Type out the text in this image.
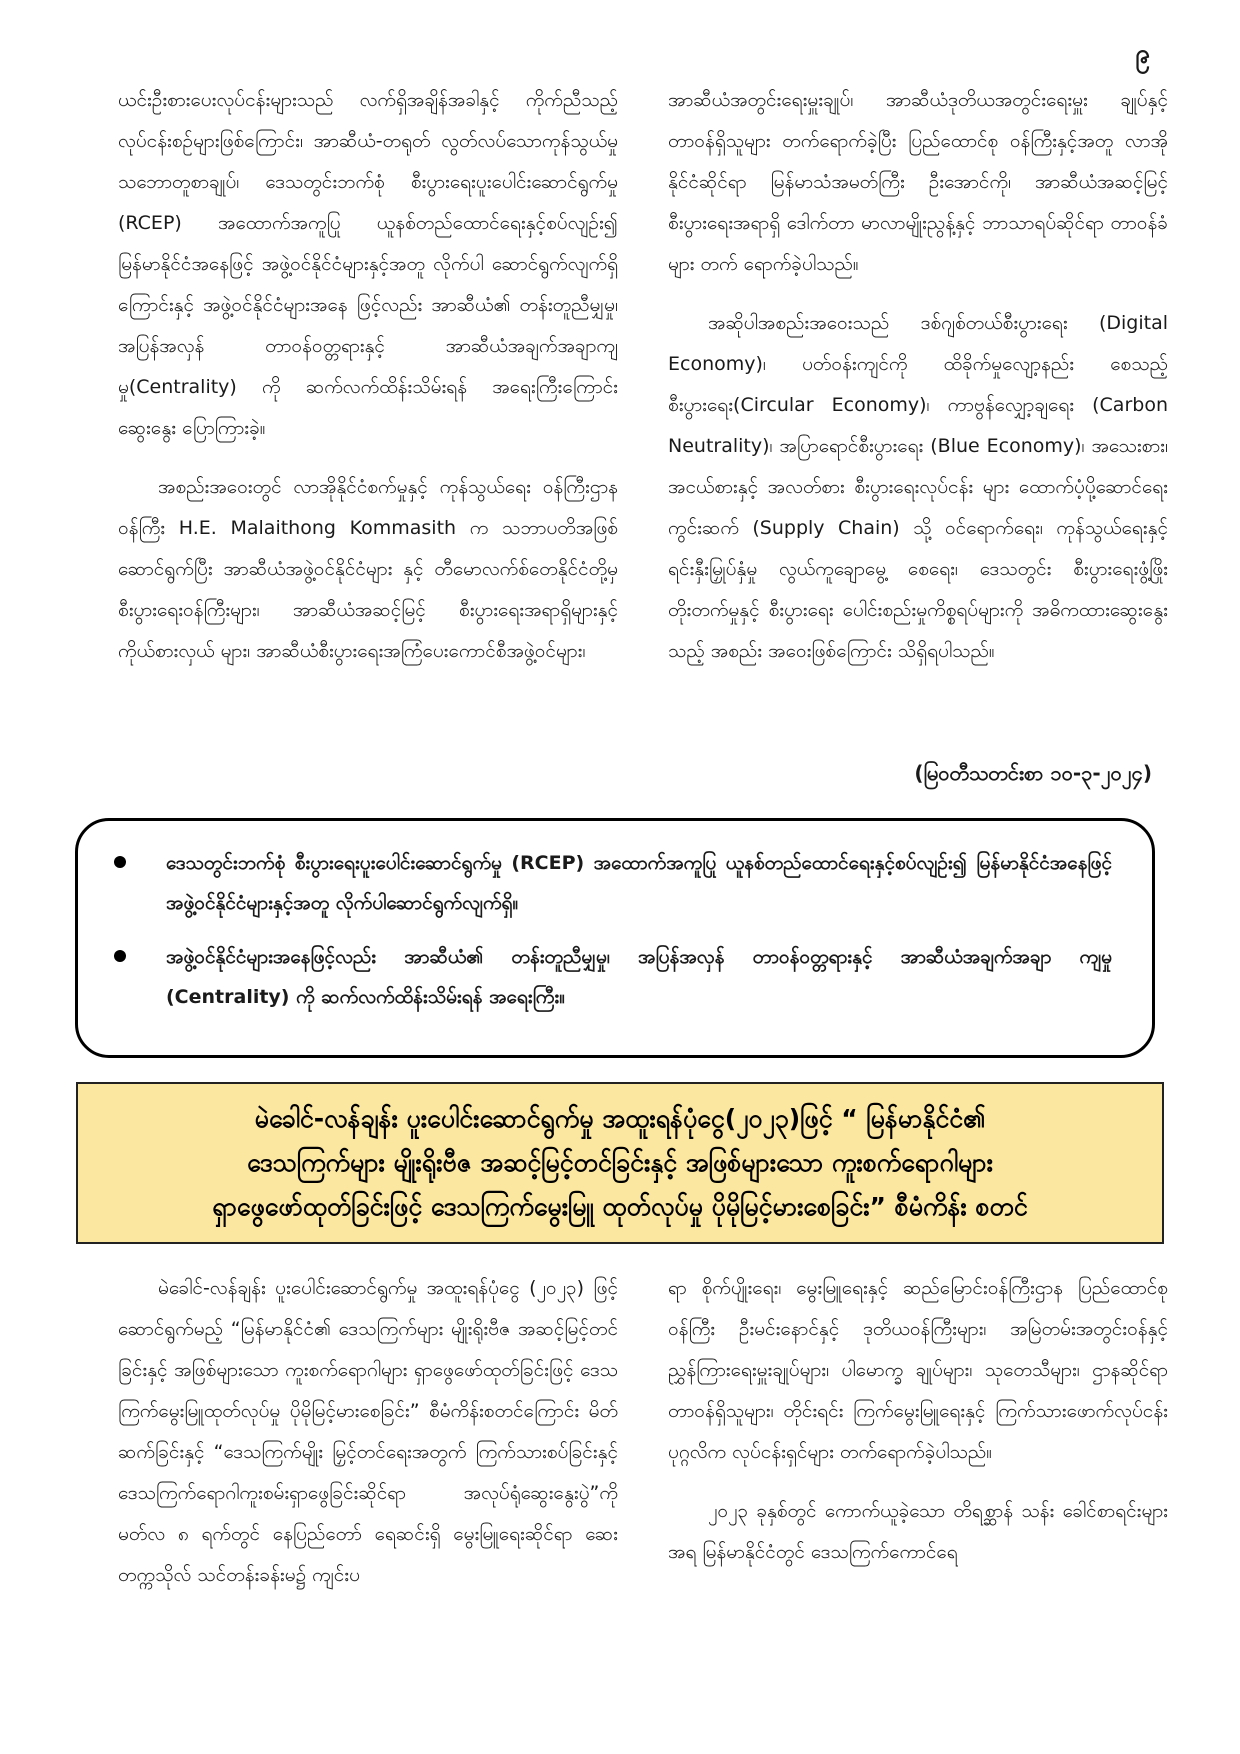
၉

ယင်းဦးစားပေးလုပ်ငန်းများသည် လက်ရှိအချိန်အခါနှင့် ကိုက်ညီသည့် လုပ်ငန်းစဉ်များဖြစ်ကြောင်း၊ အာဆီယံ-တရုတ် လွတ်လပ်သောကုန်သွယ်မှု သဘောတူစာချုပ်၊ ဒေသတွင်းဘက်စုံ စီးပွားရေးပူးပေါင်းဆောင်ရွက်မှု (RCEP) အထောက်အကူပြု ယူနစ်တည်ထောင်ရေးနှင့်စပ်လျဉ်း၍ မြန်မာနိုင်ငံအနေဖြင့် အဖွဲ့ဝင်နိုင်ငံများနှင့်အတူ လိုက်ပါ ဆောင်ရွက်လျက်ရှိကြောင်းနှင့် အဖွဲ့ဝင်နိုင်ငံများအနေ ဖြင့်လည်း အာဆီယံ၏ တန်းတူညီမျှမှု၊ အပြန်အလှန် တာဝန်ဝတ္တရားနှင့် အာဆီယံအချက်အချာကျမှု(Centrality) ကို ဆက်လက်ထိန်းသိမ်းရန် အရေးကြီးကြောင်း ဆွေးနွေး ပြောကြားခဲ့။

အစည်းအဝေးတွင် လာအိုနိုင်ငံစက်မှုနှင့် ကုန်သွယ်ရေး ဝန်ကြီးဌာန ဝန်ကြီး H.E. Malaithong Kommasith က သဘာပတိအဖြစ် ဆောင်ရွက်ပြီး အာဆီယံအဖွဲ့ဝင်နိုင်ငံများ နှင့် တီမောလက်စ်တေနိုင်ငံတို့မှ စီးပွားရေးဝန်ကြီးများ၊ အာဆီယံအဆင့်မြင့် စီးပွားရေးအရာရှိများနှင့် ကိုယ်စားလှယ် များ၊ အာဆီယံစီးပွားရေးအကြံပေးကောင်စီအဖွဲ့ဝင်များ၊

အာဆီယံအတွင်းရေးမှူးချုပ်၊ အာဆီယံဒုတိယအတွင်းရေးမှူး ချုပ်နှင့် တာဝန်ရှိသူများ တက်ရောက်ခဲ့ပြီး ပြည်ထောင်စု ဝန်ကြီးနှင့်အတူ လာအိုနိုင်ငံဆိုင်ရာ မြန်မာသံအမတ်ကြီး ဦးအောင်ကို၊ အာဆီယံအဆင့်မြင့်စီးပွားရေးအရာရှိ ဒေါက်တာ မာလာမျိုးညွန့်နှင့် ဘာသာရပ်ဆိုင်ရာ တာဝန်ခံများ တက် ရောက်ခဲ့ပါသည်။

အဆိုပါအစည်းအဝေးသည် ဒစ်ဂျစ်တယ်စီးပွားရေး (Digital Economy)၊ ပတ်ဝန်းကျင်ကို ထိခိုက်မှုလျော့နည်း စေသည့် စီးပွားရေး(Circular Economy)၊ ကာဗွန်လျှော့ချရေး (Carbon Neutrality)၊ အပြာရောင်စီးပွားရေး (Blue Economy)၊ အသေးစား၊ အငယ်စားနှင့် အလတ်စား စီးပွားရေးလုပ်ငန်း များ ထောက်ပံ့ပို့ဆောင်ရေးကွင်းဆက် (Supply Chain) သို့ ဝင်ရောက်ရေး၊ ကုန်သွယ်ရေးနှင့် ရင်းနှီးမြှုပ်နှံမှု လွယ်ကူချောမွေ့ စေရေး၊ ဒေသတွင်း စီးပွားရေးဖွံ့ဖြိုးတိုးတက်မှုနှင့် စီးပွားရေး ပေါင်းစည်းမှုကိစ္စရပ်များကို အဓိကထားဆွေးနွေးသည့် အစည်း အဝေးဖြစ်ကြောင်း သိရှိရပါသည်။

(မြဝတီသတင်းစာ ၁၀-၃-၂၀၂၄)
ဒေသတွင်းဘက်စုံ စီးပွားရေးပူးပေါင်းဆောင်ရွက်မှု (RCEP) အထောက်အကူပြု ယူနစ်တည်ထောင်ရေးနှင့်စပ်လျဉ်း၍ မြန်မာနိုင်ငံအနေဖြင့် အဖွဲ့ဝင်နိုင်ငံများနှင့်အတူ လိုက်ပါဆောင်ရွက်လျက်ရှိ။
အဖွဲ့ဝင်နိုင်ငံများအနေဖြင့်လည်း အာဆီယံ၏ တန်းတူညီမျှမှု၊ အပြန်အလှန် တာဝန်ဝတ္တရားနှင့် အာဆီယံအချက်အချာ ကျမှု (Centrality) ကို ဆက်လက်ထိန်းသိမ်းရန် အရေးကြီး။

မဲခေါင်-လန်ချန်း ပူးပေါင်းဆောင်ရွက်မှု အထူးရန်ပုံငွေ(၂၀၂၃)ဖြင့် “ မြန်မာနိုင်ငံ၏

ဒေသကြက်များ မျိုးရိုးဗီဇ အဆင့်မြင့်တင်ခြင်းနှင့် အဖြစ်များသော ကူးစက်ရောဂါများ

ရှာဖွေဖော်ထုတ်ခြင်းဖြင့် ဒေသကြက်မွေးမြူ ထုတ်လုပ်မှု ပိုမိုမြင့်မားစေခြင်း” စီမံကိန်း စတင်

မဲခေါင်-လန်ချန်း ပူးပေါင်းဆောင်ရွက်မှု အထူးရန်ပုံငွေ (၂၀၂၃) ဖြင့် ဆောင်ရွက်မည့် “မြန်မာနိုင်ငံ၏ ဒေသကြက်များ မျိုးရိုးဗီဇ အဆင့်မြင့်တင်ခြင်းနှင့် အဖြစ်များသော ကူးစက်ရောဂါများ ရှာဖွေဖော်ထုတ်ခြင်းဖြင့် ဒေသကြက်မွေးမြူထုတ်လုပ်မှု ပိုမိုမြင့်မားစေခြင်း” စီမံကိန်းစတင်ကြောင်း မိတ်ဆက်ခြင်းနှင့် “ဒေသကြက်မျိုး မြှင့်တင်ရေးအတွက် ကြက်သားစပ်ခြင်းနှင့် ဒေသကြက်ရောဂါကူးစမ်းရှာဖွေခြင်းဆိုင်ရာ အလုပ်ရုံဆွေးနွေးပွဲ”ကို မတ်လ ၈ ရက်တွင် နေပြည်တော် ရေဆင်းရှိ မွေးမြူရေးဆိုင်ရာ ဆေးတက္ကသိုလ် သင်တန်းခန်းမ၌ ကျင်းပ

ရာ စိုက်ပျိုးရေး၊ မွေးမြူရေးနှင့် ဆည်မြောင်းဝန်ကြီးဌာန ပြည်ထောင်စုဝန်ကြီး ဦးမင်းနောင်နှင့် ဒုတိယဝန်ကြီးများ၊ အမြဲတမ်းအတွင်းဝန်နှင့် ညွှန်ကြားရေးမှူးချုပ်များ၊ ပါမောက္ခ ချုပ်များ၊ သုတေသီများ၊ ဌာနဆိုင်ရာ တာဝန်ရှိသူများ၊ တိုင်းရင်း ကြက်မွေးမြူရေးနှင့် ကြက်သားဖောက်လုပ်ငန်း ပုဂ္ဂလိက လုပ်ငန်းရှင်များ တက်ရောက်ခဲ့ပါသည်။

၂၀၂၃ ခုနှစ်တွင် ကောက်ယူခဲ့သော တိရစ္ဆာန် သန်း ခေါင်စာရင်းများအရ မြန်မာနိုင်ငံတွင် ဒေသကြက်ကောင်ရေ
